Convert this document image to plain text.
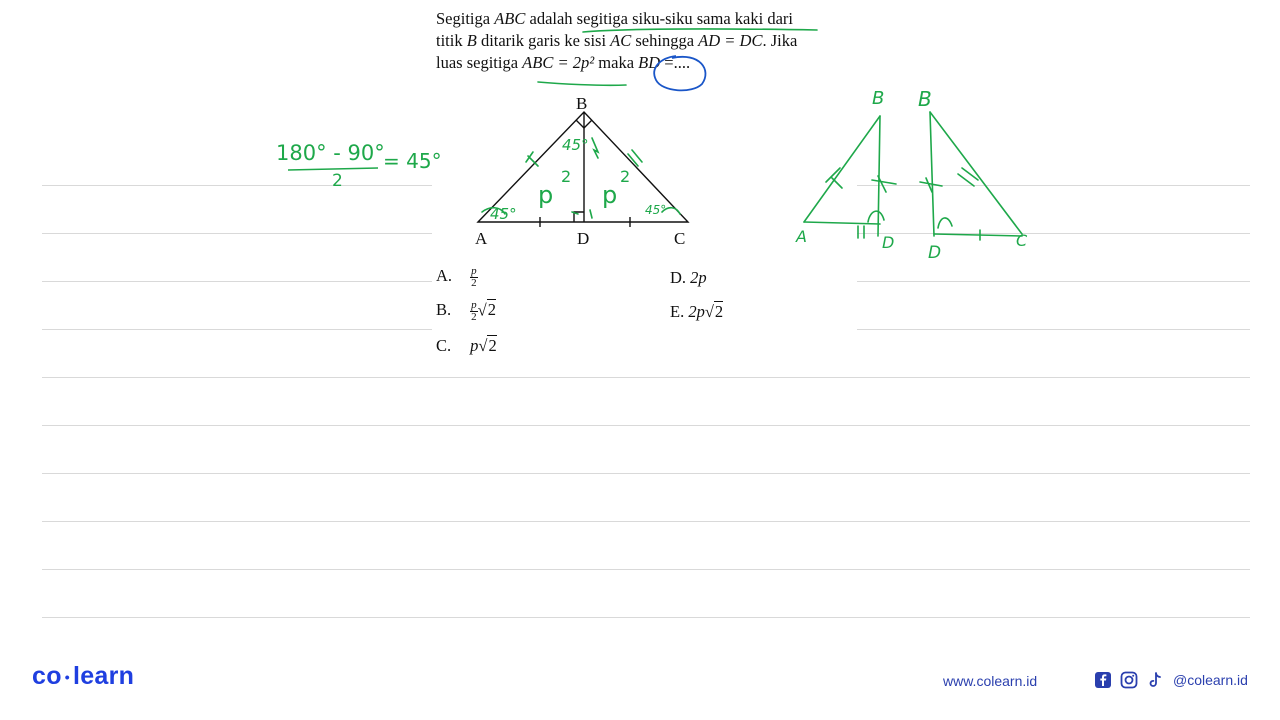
Segitiga ABC adalah segitiga siku-siku sama kaki dari

titik B ditarik garis ke sisi AC sehingga AD = DC. Jika

luas segitiga ABC = 2p² maka BD =....

B
A	D	C
45°
45°	45°
p
2
p
2
180° - 90°
2
= 45°
B
A	D
B
D
C
A. $\frac{p}{2}$
B. $\frac{p}{2} √2$
C. p√2
D. 2p
E. 2p√2
co • learn	www.colearn.id	@colearn.id
